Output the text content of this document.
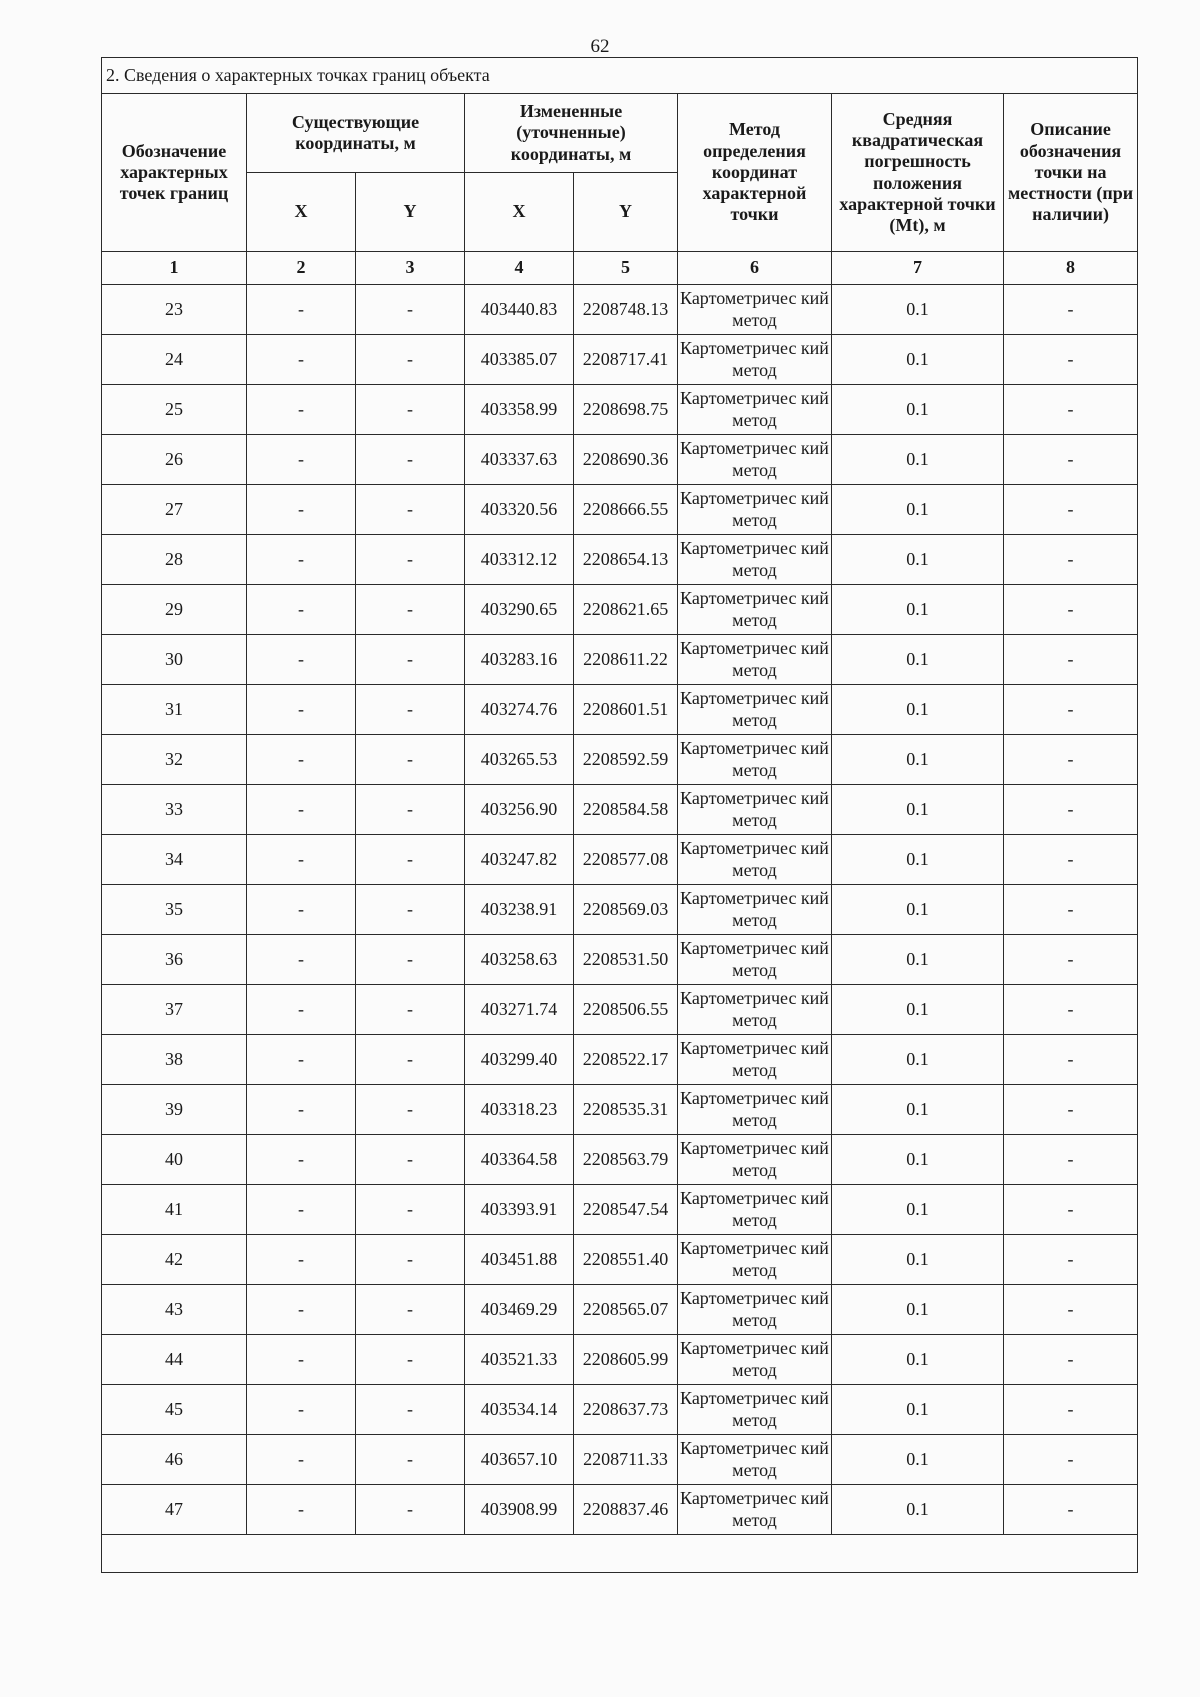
62
2. Сведения о характерных точках границ объекта							
Обозначение характерных точек границ	Существующие координаты, м		Измененные (уточненные) координаты, м		Метод определения координат характерной точки	Средняя квадратическая погрешность положения характерной точки (Mt), м	Описание обозначения точки на местности (при наличии)
	X	Y	X	Y			
1	2	3	4	5	6	7	8
23	-	-	403440.83	2208748.13	Картометричес кий метод	0.1	-
24	-	-	403385.07	2208717.41	Картометричес кий метод	0.1	-
25	-	-	403358.99	2208698.75	Картометричес кий метод	0.1	-
26	-	-	403337.63	2208690.36	Картометричес кий метод	0.1	-
27	-	-	403320.56	2208666.55	Картометричес кий метод	0.1	-
28	-	-	403312.12	2208654.13	Картометричес кий метод	0.1	-
29	-	-	403290.65	2208621.65	Картометричес кий метод	0.1	-
30	-	-	403283.16	2208611.22	Картометричес кий метод	0.1	-
31	-	-	403274.76	2208601.51	Картометричес кий метод	0.1	-
32	-	-	403265.53	2208592.59	Картометричес кий метод	0.1	-
33	-	-	403256.90	2208584.58	Картометричес кий метод	0.1	-
34	-	-	403247.82	2208577.08	Картометричес кий метод	0.1	-
35	-	-	403238.91	2208569.03	Картометричес кий метод	0.1	-
36	-	-	403258.63	2208531.50	Картометричес кий метод	0.1	-
37	-	-	403271.74	2208506.55	Картометричес кий метод	0.1	-
38	-	-	403299.40	2208522.17	Картометричес кий метод	0.1	-
39	-	-	403318.23	2208535.31	Картометричес кий метод	0.1	-
40	-	-	403364.58	2208563.79	Картометричес кий метод	0.1	-
41	-	-	403393.91	2208547.54	Картометричес кий метод	0.1	-
42	-	-	403451.88	2208551.40	Картометричес кий метод	0.1	-
43	-	-	403469.29	2208565.07	Картометричес кий метод	0.1	-
44	-	-	403521.33	2208605.99	Картометричес кий метод	0.1	-
45	-	-	403534.14	2208637.73	Картометричес кий метод	0.1	-
46	-	-	403657.10	2208711.33	Картометричес кий метод	0.1	-
47	-	-	403908.99	2208837.46	Картометричес кий метод	0.1	-
